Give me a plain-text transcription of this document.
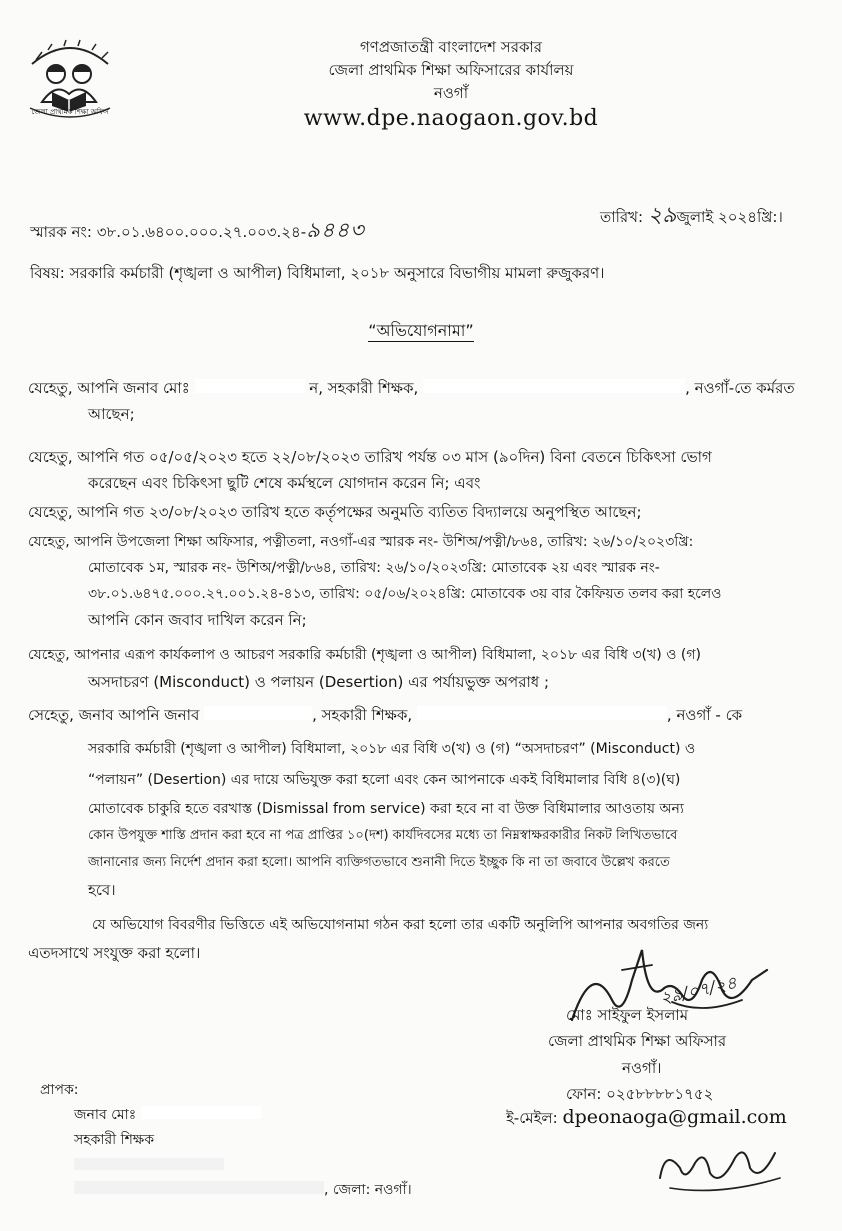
জেলা প্রাথমিক শিক্ষা অফিস
গণপ্রজাতন্ত্রী বাংলাদেশ সরকার
জেলা প্রাথমিক শিক্ষা অফিসারের কার্যালয়
নওগাঁ
www.dpe.naogaon.gov.bd
স্মারক নং: ৩৮.০১.৬৪০০.০০০.২৭.০০৩.২৪-৯৪৪৩
তারিখ: ২৯জুলাই ২০২৪খ্রি:।
বিষয়: সরকারি কর্মচারী (শৃঙ্খলা ও আপীল) বিধিমালা, ২০১৮ অনুসারে বিভাগীয় মামলা রুজুকরণ।
“অভিযোগনামা”
যেহেতু, আপনি জনাব মোঃ	ন, সহকারী শিক্ষক,	, নওগাঁ-তে কর্মরত
আছেন;
যেহেতু, আপনি গত ০৫/০৫/২০২৩ হতে ২২/০৮/২০২৩ তারিখ পর্যন্ত ০৩ মাস (৯০দিন) বিনা বেতনে চিকিৎসা ভোগ
করেছেন এবং চিকিৎসা ছুটি শেষে কর্মস্থলে যোগদান করেন নি; এবং
যেহেতু, আপনি গত ২৩/০৮/২০২৩ তারিখ হতে কর্তৃপক্ষের অনুমতি ব্যতিত বিদ্যালয়ে অনুপস্থিত আছেন;
যেহেতু, আপনি উপজেলা শিক্ষা অফিসার, পত্নীতলা, নওগাঁ-এর স্মারক নং- উশিঅ/পত্নী/৮৬৪, তারিখ: ২৬/১০/২০২৩খ্রি:
মোতাবেক ১ম, স্মারক নং- উশিঅ/পত্নী/৮৬৪, তারিখ: ২৬/১০/২০২৩খ্রি: মোতাবেক ২য় এবং স্মারক নং-
৩৮.০১.৬৪৭৫.০০০.২৭.০০১.২৪-৪১৩, তারিখ: ০৫/০৬/২০২৪খ্রি: মোতাবেক ৩য় বার কৈফিয়ত তলব করা হলেও
আপনি কোন জবাব দাখিল করেন নি;
যেহেতু, আপনার এরূপ কার্যকলাপ ও আচরণ সরকারি কর্মচারী (শৃঙ্খলা ও আপীল) বিধিমালা, ২০১৮ এর বিধি ৩(খ) ও (গ)
অসদাচরণ (Misconduct) ও পলায়ন (Desertion) এর পর্যায়ভুক্ত অপরাধ ;
সেহেতু, জনাব আপনি জনাব	, সহকারী শিক্ষক,	, নওগাঁ - কে
সরকারি কর্মচারী (শৃঙ্খলা ও আপীল) বিধিমালা, ২০১৮ এর বিধি ৩(খ) ও (গ) “অসদাচরণ” (Misconduct) ও
“পলায়ন” (Desertion) এর দায়ে অভিযুক্ত করা হলো এবং কেন আপনাকে একই বিধিমালার বিধি ৪(৩)(ঘ)
মোতাবেক চাকুরি হতে বরখাস্ত (Dismissal from service) করা হবে না বা উক্ত বিধিমালার আওতায় অন্য
কোন উপযুক্ত শাস্তি প্রদান করা হবে না পত্র প্রাপ্তির ১০(দশ) কার্যদিবসের মধ্যে তা নিম্নস্বাক্ষরকারীর নিকট লিখিতভাবে
জানানোর জন্য নির্দেশ প্রদান করা হলো। আপনি ব্যক্তিগতভাবে শুনানী দিতে ইচ্ছুক কি না তা জবাবে উল্লেখ করতে
হবে।
যে অভিযোগ বিবরণীর ভিত্তিতে এই অভিযোগনামা গঠন করা হলো তার একটি অনুলিপি আপনার অবগতির জন্য
এতদসাথে সংযুক্ত করা হলো।
২৯/০৭/২৪
মোঃ সাইফুল ইসলাম
জেলা প্রাথমিক শিক্ষা অফিসার
নওগাঁ।
ফোন: ০২৫৮৮৮৮১৭৫২
ই-মেইল: dpeonaoga@gmail.com
প্রাপক:
জনাব মোঃ
সহকারী শিক্ষক
, জেলা: নওগাঁ।
